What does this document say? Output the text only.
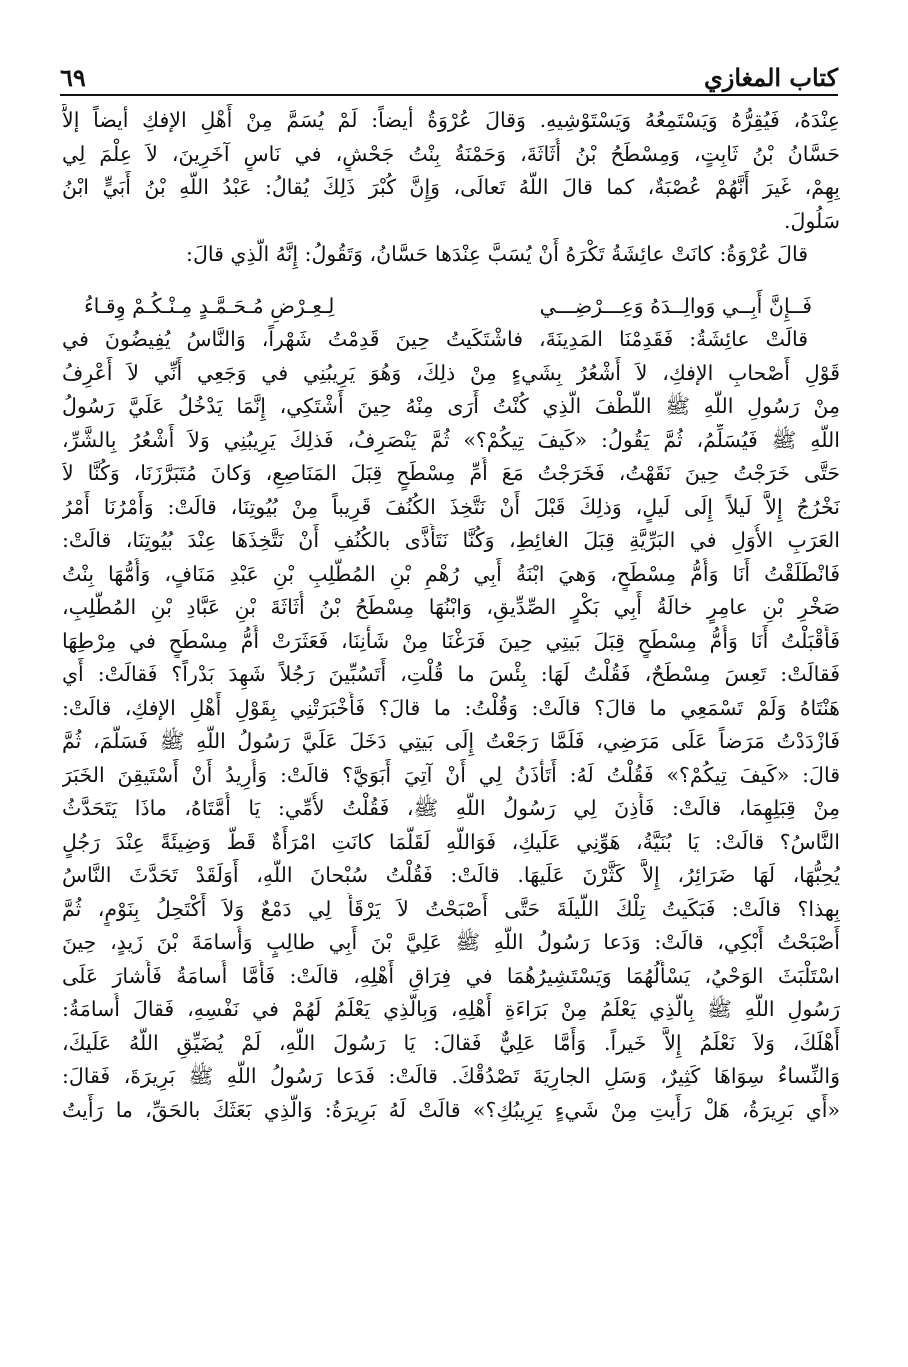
كتاب المغازي
٦٩
عِنْدَهُ، فَيُقِرُّهُ وَيَسْتَمِعُهُ وَيَسْتَوْشِيهِ. وَقالَ عُرْوَةُ أيضاً: لَمْ يُسَمَّ مِنْ أَهْلِ الإفكِ أيضاً إلاَّ
حَسَّانُ بْنُ ثَابِتٍ، وَمِسْطَحُ بْنُ أُثَاثَةَ، وَحَمْنَةُ بِنْتُ جَحْشٍ، في نَاسٍ آخَرِينَ، لاَ عِلْمَ لِي
بِهِمْ، غَيرَ أَنَّهُمْ عُصْبَةٌ، كما قالَ اللَّهُ تَعالَى، وَإِنَّ كُبْرَ ذَلِكَ يُقالُ: عَبْدُ اللَّهِ بْنُ أَبَيٍّ ابْنُ
سَلُولَ.
قالَ عُرْوَةُ: كانَتْ عائِشَةُ تَكْرَهُ أَنْ يُسَبَّ عِنْدَها حَسَّانُ، وَتَقُولُ: إِنَّهُ الَّذِي قالَ:
فَــإِنَّ أَبِــي وَوالِــدَهُ وَعِـــرْضِـــي
لِـعِـرْضِ مُـحَـمَّـدٍ مِـنْـكُـمْ وِقـاءُ
قالَتْ عائِشَةُ: فَقَدِمْنَا المَدِينَةَ، فاشْتَكَيتُ حِينَ قَدِمْتُ شَهْراً، وَالنَّاسُ يُفِيضُونَ في
قَوْلِ أَصْحابِ الإفكِ، لاَ أَشْعُرُ بِشَيءٍ مِنْ ذلِكَ، وَهُوَ يَرِيبُنِي في وَجَعِي أَنِّي لاَ أَعْرِفُ
مِنْ رَسُولِ اللَّهِ ﷺ اللُّطْفَ الَّذِي كُنْتُ أَرَى مِنْهُ حِينَ أَشْتَكِي، إِنَّمَا يَدْخُلُ عَلَيَّ رَسُولُ
اللَّهِ ﷺ فَيُسَلِّمُ، ثُمَّ يَقُولُ: «كَيفَ تِيكُمْ؟» ثُمَّ يَنْصَرِفُ، فَذلِكَ يَرِيبُنِي وَلاَ أَشْعُرُ بِالشَّرِّ،
حَتَّى خَرَجْتُ حِينَ نَقَهْتُ، فَخَرَجْتُ مَعَ أُمِّ مِسْطَحٍ قِبَلَ المَنَاصِعِ، وَكانَ مُتَبَرَّزَنَا، وَكُنَّا لاَ
نَخْرُجُ إِلاَّ لَيلاً إِلَى لَيلٍ، وَذلِكَ قَبْلَ أَنْ نَتَّخِذَ الكُنُفَ قَرِيباً مِنْ بُيُوتِنَا، قالَتْ: وَأَمْرُنَا أَمْرُ
العَرَبِ الأُوَلِ في البَرِّيَّةِ قِبَلَ الغائِطِ، وَكُنَّا نَتَأَذَّى بالكُنُفِ أَنْ نَتَّخِذَهَا عِنْدَ بُيُوتِنَا، قالَتْ:
فَانْطَلَقْتُ أَنَا وَأُمُّ مِسْطَحٍ، وَهيَ ابْنَةُ أَبِي رُهْمِ بْنِ المُطَّلِبِ بْنِ عَبْدِ مَنَافٍ، وَأُمُّهَا بِنْتُ
صَخْرِ بْنِ عامِرٍ خالَةُ أَبِي بَكْرٍ الصِّدِّيقِ، وَابْنُهَا مِسْطَحُ بْنُ أُثَاثَةَ بْنِ عَبَّادِ بْنِ المُطَّلِبِ،
فَأَقْبَلْتُ أَنَا وَأُمُّ مِسْطَحٍ قِبَلَ بَيتِي حِينَ فَرَغْنَا مِنْ شَأْنِنَا، فَعَثَرَتْ أُمُّ مِسْطَحٍ في مِرْطِهَا
فَقالَتْ: تَعِسَ مِسْطَحٌ، فَقُلْتُ لَهَا: بِئْسَ ما قُلْتِ، أَتَسُبِّينَ رَجُلاً شَهِدَ بَدْراً؟ فَقالَتْ: أَي
هَنْتَاهُ وَلَمْ تَسْمَعِي ما قالَ؟ قالَتْ: وَقُلْتُ: ما قالَ؟ فَأَخْبَرَتْنِي بِقَوْلِ أَهْلِ الإفكِ، قالَتْ:
فَازْدَدْتُ مَرَضاً عَلَى مَرَضِي، فَلَمَّا رَجَعْتُ إِلَى بَيتِي دَخَلَ عَلَيَّ رَسُولُ اللَّهِ ﷺ فَسَلَّمَ، ثُمَّ
قالَ: «كَيفَ تِيكُمْ؟» فَقُلْتُ لَهُ: أَتَأْذَنُ لِي أَنْ آتِيَ أَبَوَيَّ؟ قالَتْ: وَأُرِيدُ أَنْ أَسْتَيقِنَ الخَبَرَ
مِنْ قِبَلِهِمَا، قالَتْ: فَأَذِنَ لِي رَسُولُ اللَّهِ ﷺ، فَقُلْتُ لأُمِّي: يَا أُمَّتَاهُ، ماذَا يَتَحَدَّثُ
النَّاسُ؟ قالَتْ: يَا بُنَيَّةُ، هَوِّنِي عَلَيكِ، فَوَاللَّهِ لَقَلَّمَا كانَتِ امْرَأَةٌ قَطُّ وَضِيئَةً عِنْدَ رَجُلٍ
يُحِبُّهَا، لَهَا ضَرَائِرُ، إِلاَّ كَثَّرْنَ عَلَيهَا. قالَتْ: فَقُلْتُ سُبْحانَ اللَّهِ، أَوَلَقَدْ تَحَدَّثَ النَّاسُ
بِهذا؟ قالَتْ: فَبَكَيتُ تِلْكَ اللَّيلَةَ حَتَّى أَصْبَحْتُ لاَ يَرْقَأُ لِي دَمْعٌ وَلاَ أَكْتَحِلُ بِنَوْمٍ، ثُمَّ
أَصْبَحْتُ أَبْكِي، قالَتْ: وَدَعا رَسُولُ اللَّهِ ﷺ عَلِيَّ بْنَ أَبِي طالِبٍ وَأُسامَةَ بْنَ زَيدٍ، حِينَ
اسْتَلْبَثَ الوَحْيُ، يَسْأَلُهُمَا وَيَسْتَشِيرُهُمَا في فِرَاقِ أَهْلِهِ، قالَتْ: فَأَمَّا أُسامَةُ فَأَشارَ عَلَى
رَسُولِ اللَّهِ ﷺ بِالَّذِي يَعْلَمُ مِنْ بَرَاءَةِ أَهْلِهِ، وَبِالَّذِي يَعْلَمُ لَهُمْ في نَفْسِهِ، فَقالَ أُسامَةُ:
أَهْلَكَ، وَلاَ نَعْلَمُ إِلاَّ خَيراً. وَأَمَّا عَلِيٌّ فَقالَ: يَا رَسُولَ اللَّهِ، لَمْ يُضَيِّقِ اللَّهُ عَلَيكَ،
وَالنِّساءُ سِوَاهَا كَثِيرٌ، وَسَلِ الجارِيَةَ تَصْدُقْكَ. قالَتْ: فَدَعا رَسُولُ اللَّهِ ﷺ بَرِيرَةَ، فَقالَ:
«أَي بَرِيرَةُ، هَلْ رَأَيتِ مِنْ شَيءٍ يَرِيبُكِ؟» قالَتْ لَهُ بَرِيرَةُ: وَالَّذِي بَعَثَكَ بالحَقِّ، ما رَأَيتُ
